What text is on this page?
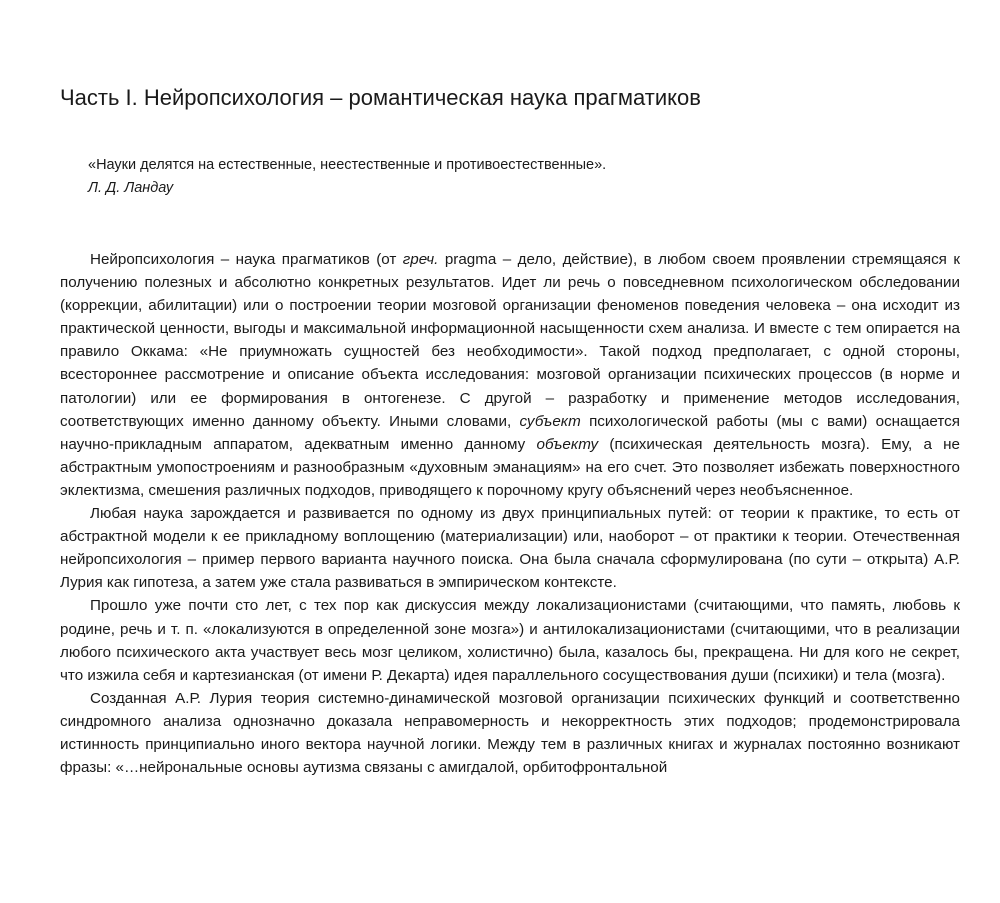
Часть I. Нейропсихология – романтическая наука прагматиков

«Науки делятся на естественные, неестественные и противоестественные».

Л. Д. Ландау

Нейропсихология – наука прагматиков (от греч. pragma – дело, действие), в любом своем проявлении стремящаяся к получению полезных и абсолютно конкретных результатов. Идет ли речь о повседневном психологическом обследовании (коррекции, абилитации) или о построении теории мозговой организации феноменов поведения человека – она исходит из практической ценности, выгоды и максимальной информационной насыщенности схем анализа. И вместе с тем опирается на правило Оккама: «Не приумножать сущностей без необходимости». Такой подход предполагает, с одной стороны, всестороннее рассмотрение и описание объекта исследования: мозговой организации психических процессов (в норме и патологии) или ее формирования в онтогенезе. С другой – разработку и применение методов исследования, соответствующих именно данному объекту. Иными словами, субъект психологической работы (мы с вами) оснащается научно-прикладным аппаратом, адекватным именно данному объекту (психическая деятельность мозга). Ему, а не абстрактным умопостроениям и разнообразным «духовным эманациям» на его счет. Это позволяет избежать поверхностного эклектизма, смешения различных подходов, приводящего к порочному кругу объяснений через необъясненное.

Любая наука зарождается и развивается по одному из двух принципиальных путей: от теории к практике, то есть от абстрактной модели к ее прикладному воплощению (материализации) или, наоборот – от практики к теории. Отечественная нейропсихология – пример первого варианта научного поиска. Она была сначала сформулирована (по сути – открыта) А.Р. Лурия как гипотеза, а затем уже стала развиваться в эмпирическом контексте.

Прошло уже почти сто лет, с тех пор как дискуссия между локализационистами (считающими, что память, любовь к родине, речь и т. п. «локализуются в определенной зоне мозга») и антилокализационистами (считающими, что в реализации любого психического акта участвует весь мозг целиком, холистично) была, казалось бы, прекращена. Ни для кого не секрет, что изжила себя и картезианская (от имени Р. Декарта) идея параллельного сосуществования души (психики) и тела (мозга).

Созданная А.Р. Лурия теория системно-динамической мозговой организации психических функций и соответственно синдромного анализа однозначно доказала неправомерность и некорректность этих подходов; продемонстрировала истинность принципиально иного вектора научной логики. Между тем в различных книгах и журналах постоянно возникают фразы: «…нейрональные основы аутизма связаны с амигдалой, орбитофронтальной
